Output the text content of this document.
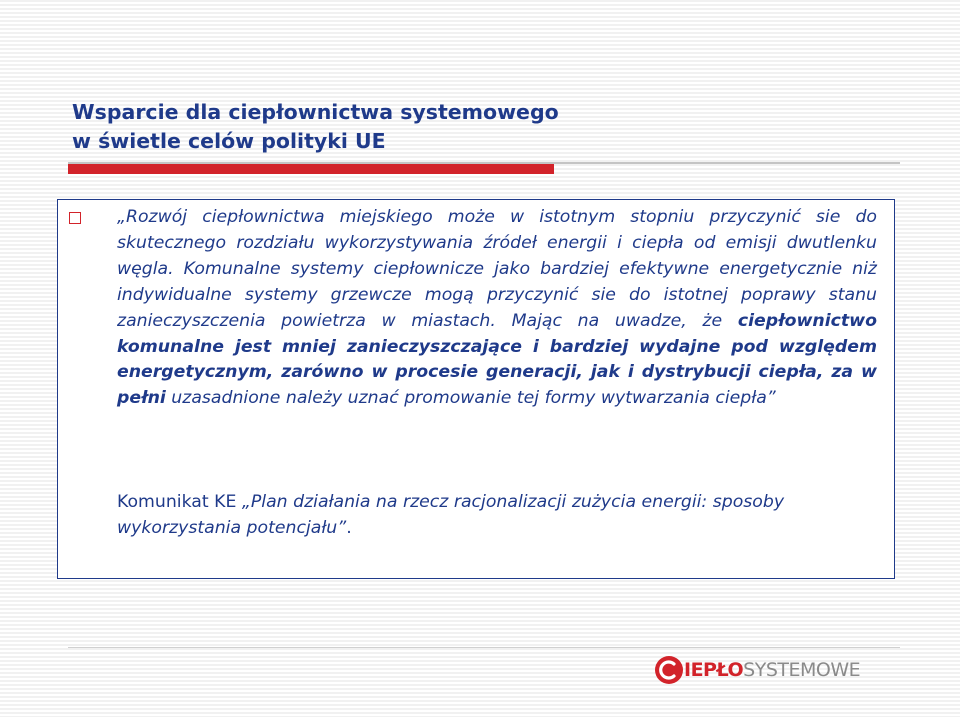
Wsparcie dla ciepłownictwa systemowego
w świetle celów polityki UE
„Rozwój ciepłownictwa miejskiego może w istotnym stopniu przyczynić sie do skutecznego rozdziału wykorzystywania źródeł energii i ciepła od emisji dwutlenku węgla. Komunalne systemy ciepłownicze jako bardziej efektywne energetycznie niż indywidualne systemy grzewcze mogą przyczynić sie do istotnej poprawy stanu zanieczyszczenia powietrza w miastach. Mając na uwadze, że ciepłownictwo komunalne jest mniej zanieczyszczające i bardziej wydajne pod względem energetycznym, zarówno w procesie generacji, jak i dystrybucji ciepła, za w pełni uzasadnione należy uznać promowanie tej formy wytwarzania ciepła”
Komunikat KE „Plan działania na rzecz racjonalizacji zużycia energii: sposoby wykorzystania potencjału”.
IEPŁO SYSTEMOWE
